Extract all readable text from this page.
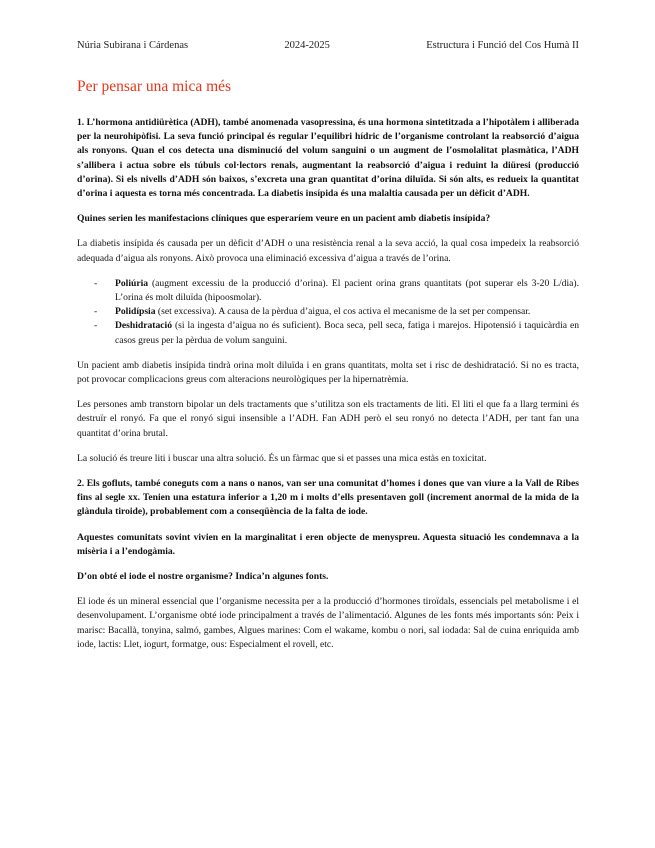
Núria Subirana i Cárdenas	2024-2025	Estructura i Funció del Cos Humà II
Per pensar una mica més

1. L’hormona antidiürètica (ADH), també anomenada vasopressina, és una hormona sintetitzada a l’hipotàlem i alliberada per la neurohipòfisi. La seva funció principal és regular l’equilibri hídric de l’organisme controlant la reabsorció d’aigua als ronyons. Quan el cos detecta una disminució del volum sanguini o un augment de l’osmolalitat plasmàtica, l’ADH s’allibera i actua sobre els túbuls col·lectors renals, augmentant la reabsorció d’aigua i reduint la diüresi (producció d’orina). Si els nivells d’ADH són baixos, s’excreta una gran quantitat d’orina diluïda. Si són alts, es redueix la quantitat d’orina i aquesta es torna més concentrada. La diabetis insípida és una malaltia causada per un dèficit d’ADH.

Quines serien les manifestacions clíniques que esperaríem veure en un pacient amb diabetis insípida?

La diabetis insípida és causada per un dèficit d’ADH o una resistència renal a la seva acció, la qual cosa impedeix la reabsorció adequada d’aigua als ronyons. Això provoca una eliminació excessiva d’aigua a través de l’orina.

- Poliúria (augment excessiu de la producció d’orina). El pacient orina grans quantitats (pot superar els 3-20 L/dia). L’orina és molt diluïda (hipoosmolar).
- Polidípsia (set excessiva). A causa de la pèrdua d’aigua, el cos activa el mecanisme de la set per compensar.
- Deshidratació (si la ingesta d’aigua no és suficient). Boca seca, pell seca, fatiga i marejos. Hipotensió i taquicàrdia en casos greus per la pèrdua de volum sanguini.

Un pacient amb diabetis insípida tindrà orina molt diluïda i en grans quantitats, molta set i risc de deshidratació. Si no es tracta, pot provocar complicacions greus com alteracions neurològiques per la hipernatrèmia.

Les persones amb transtorn bipolar un dels tractaments que s’utilitza son els tractaments de liti. El liti el que fa a llarg termini és destruïr el ronyó. Fa que el ronyó sigui insensible a l’ADH. Fan ADH però el seu ronyó no detecta l’ADH, per tant fan una quantitat d’orina brutal.

La solució és treure liti i buscar una altra solució. És un fàrmac que si et passes una mica estàs en toxicitat.

2. Els gofluts, també coneguts com a nans o nanos, van ser una comunitat d’homes i dones que van viure a la Vall de Ribes fins al segle xx. Tenien una estatura inferior a 1,20 m i molts d’ells presentaven goll (increment anormal de la mida de la glàndula tiroide), probablement com a conseqüència de la falta de iode.

Aquestes comunitats sovint vivien en la marginalitat i eren objecte de menyspreu. Aquesta situació les condemnava a la misèria i a l’endogàmia.

D’on obté el iode el nostre organisme? Indica’n algunes fonts.

El iode és un mineral essencial que l’organisme necessita per a la producció d’hormones tiroïdals, essencials pel metabolisme i el desenvolupament. L’organisme obté iode principalment a través de l’alimentació. Algunes de les fonts més importants són: Peix i marisc: Bacallà, tonyina, salmó, gambes, Algues marines: Com el wakame, kombu o nori, sal iodada: Sal de cuina enriquida amb iode, lactis: Llet, iogurt, formatge, ous: Especialment el rovell, etc.
